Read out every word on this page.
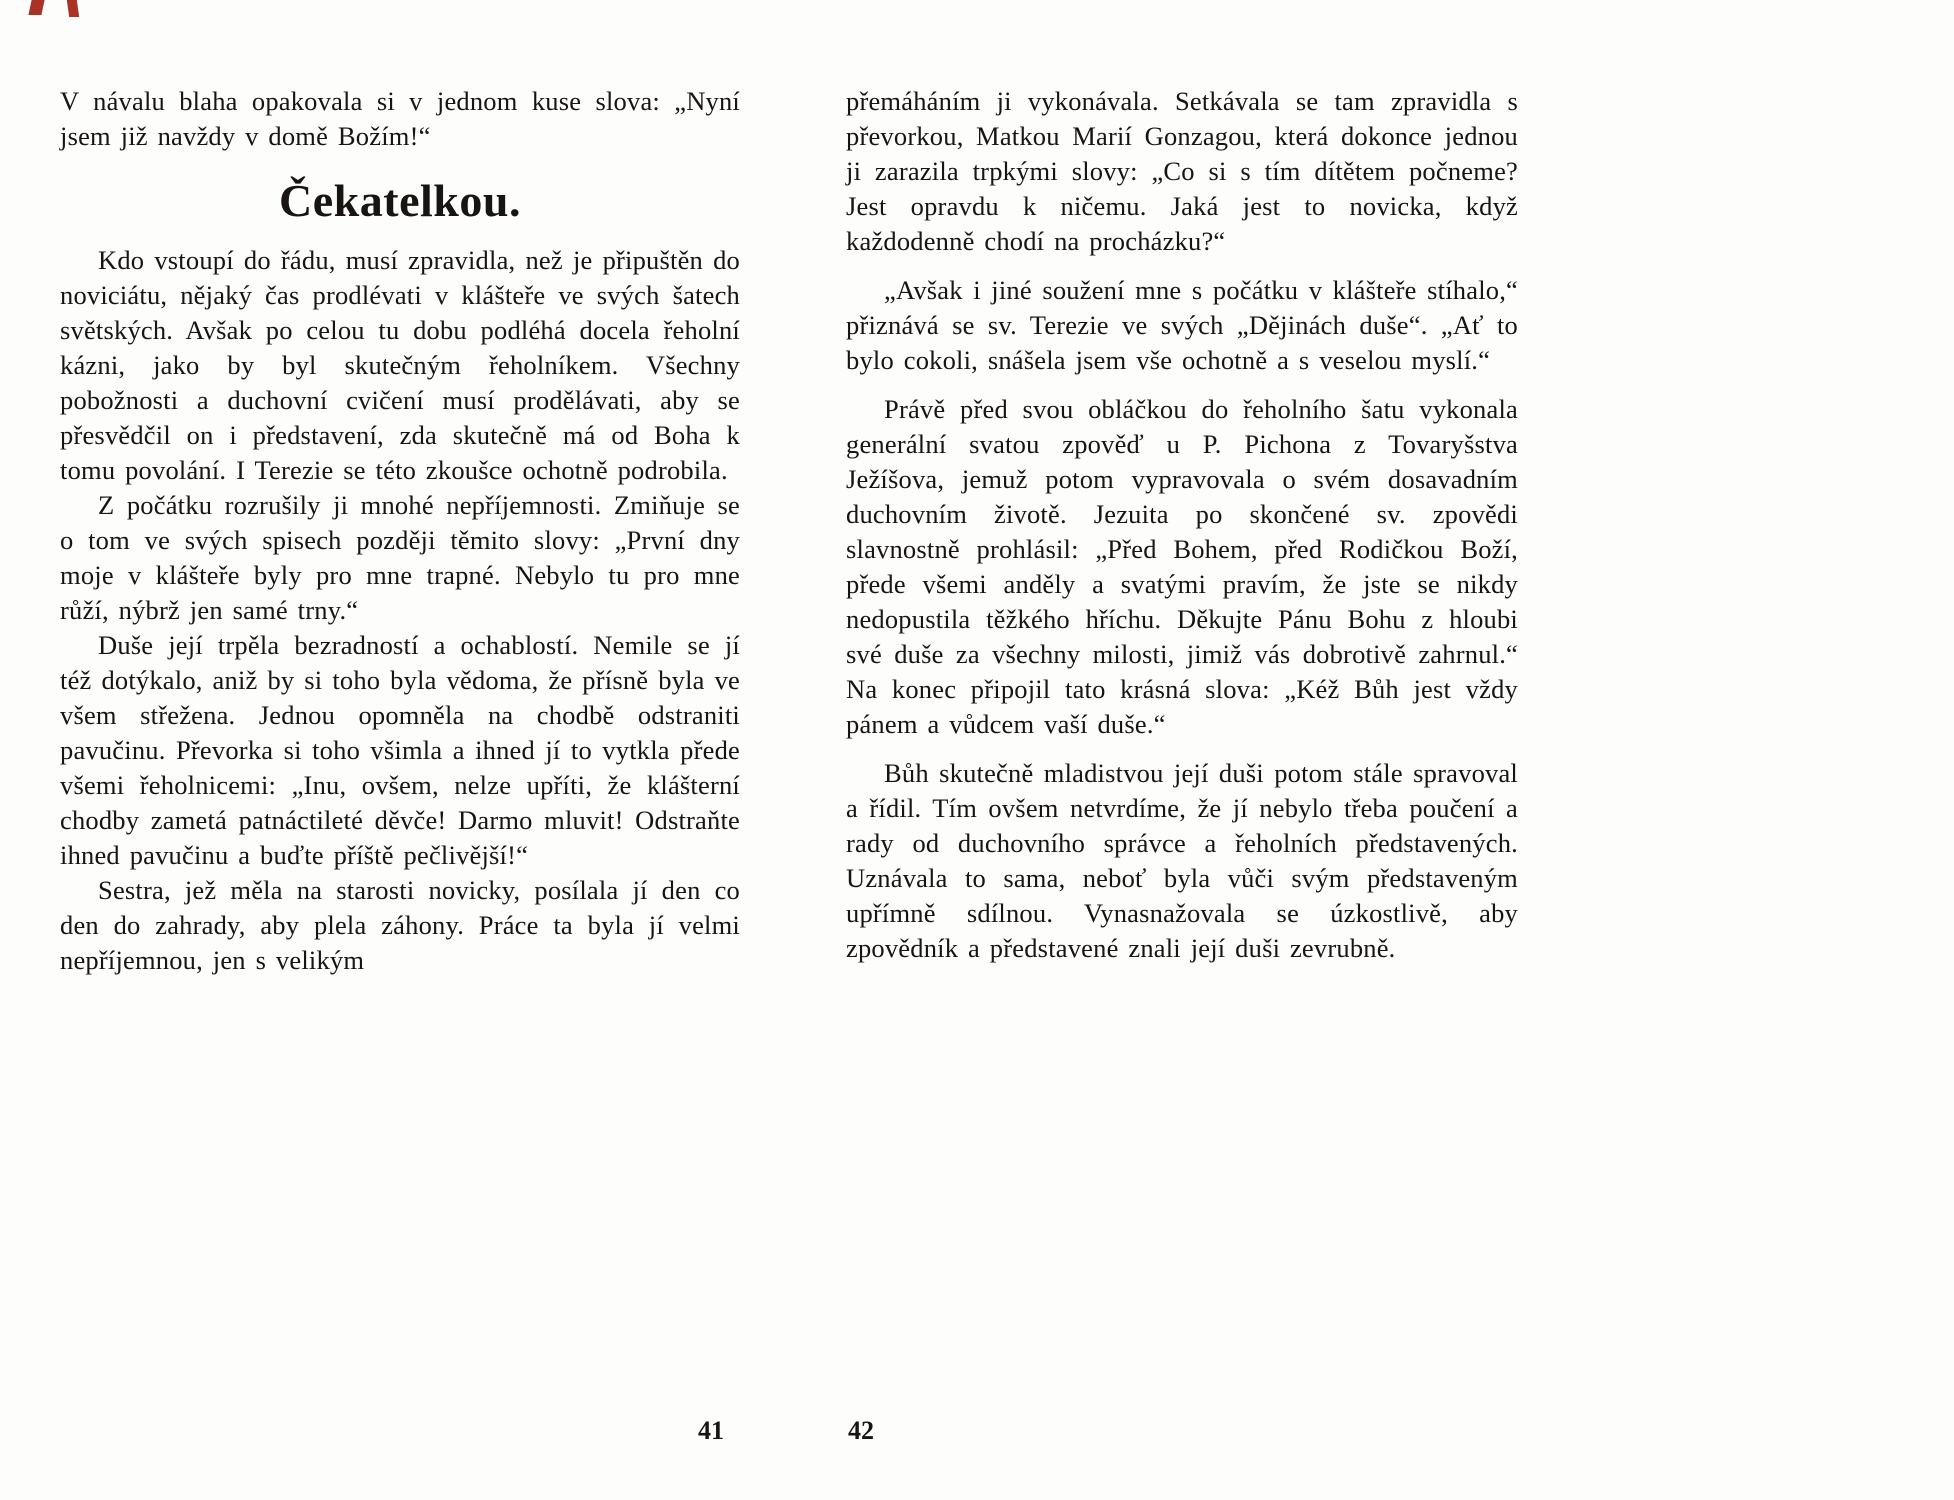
V návalu blaha opakovala si v jednom kuse slova: „Nyní jsem již navždy v domě Božím!“

Čekatelkou.

Kdo vstoupí do řádu, musí zpravidla, než je připuštěn do noviciátu, nějaký čas prodlévati v klášteře ve svých šatech světských. Avšak po celou tu dobu podléhá docela řeholní kázni, jako by byl skutečným řeholníkem. Všechny pobožnosti a duchovní cvičení musí prodělávati, aby se přesvědčil on i představení, zda skutečně má od Boha k tomu povolání. I Terezie se této zkoušce ochotně podrobila.

Z počátku rozrušily ji mnohé nepříjemnosti. Zmiňuje se o tom ve svých spisech později těmito slovy: „První dny moje v klášteře byly pro mne trapné. Nebylo tu pro mne růží, nýbrž jen samé trny.“

Duše její trpěla bezradností a ochablostí. Nemile se jí též dotýkalo, aniž by si toho byla vědoma, že přísně byla ve všem střežena. Jednou opomněla na chodbě odstraniti pavučinu. Převorka si toho všimla a ihned jí to vytkla přede všemi řeholnicemi: „Inu, ovšem, nelze upříti, že klášterní chodby zametá patnáctileté děvče! Darmo mluvit! Odstraňte ihned pavučinu a buďte příště pečlivější!“

Sestra, jež měla na starosti novicky, posílala jí den co den do zahrady, aby plela záhony. Práce ta byla jí velmi nepříjemnou, jen s velikým

41

přemáháním ji vykonávala. Setkávala se tam zpravidla s převorkou, Matkou Marií Gonzagou, která dokonce jednou ji zarazila trpkými slovy: „Co si s tím dítětem počneme? Jest opravdu k ničemu. Jaká jest to novicka, když každodenně chodí na procházku?“

„Avšak i jiné soužení mne s počátku v klášteře stíhalo,“ přiznává se sv. Terezie ve svých „Dějinách duše“. „Ať to bylo cokoli, snášela jsem vše ochotně a s veselou myslí.“

Právě před svou obláčkou do řeholního šatu vykonala generální svatou zpověď u P. Pichona z Tovaryšstva Ježíšova, jemuž potom vypravovala o svém dosavadním duchovním životě. Jezuita po skončené sv. zpovědi slavnostně prohlásil: „Před Bohem, před Rodičkou Boží, přede všemi anděly a svatými pravím, že jste se nikdy nedopustila těžkého hříchu. Děkujte Pánu Bohu z hloubi své duše za všechny milosti, jimiž vás dobrotivě zahrnul.“ Na konec připojil tato krásná slova: „Kéž Bůh jest vždy pánem a vůdcem vaší duše.“

Bůh skutečně mladistvou její duši potom stále spravoval a řídil. Tím ovšem netvrdíme, že jí nebylo třeba poučení a rady od duchovního správce a řeholních představených. Uznávala to sama, neboť byla vůči svým představeným upřímně sdílnou. Vynasnažovala se úzkostlivě, aby zpovědník a představené znali její duši zevrubně.

42
